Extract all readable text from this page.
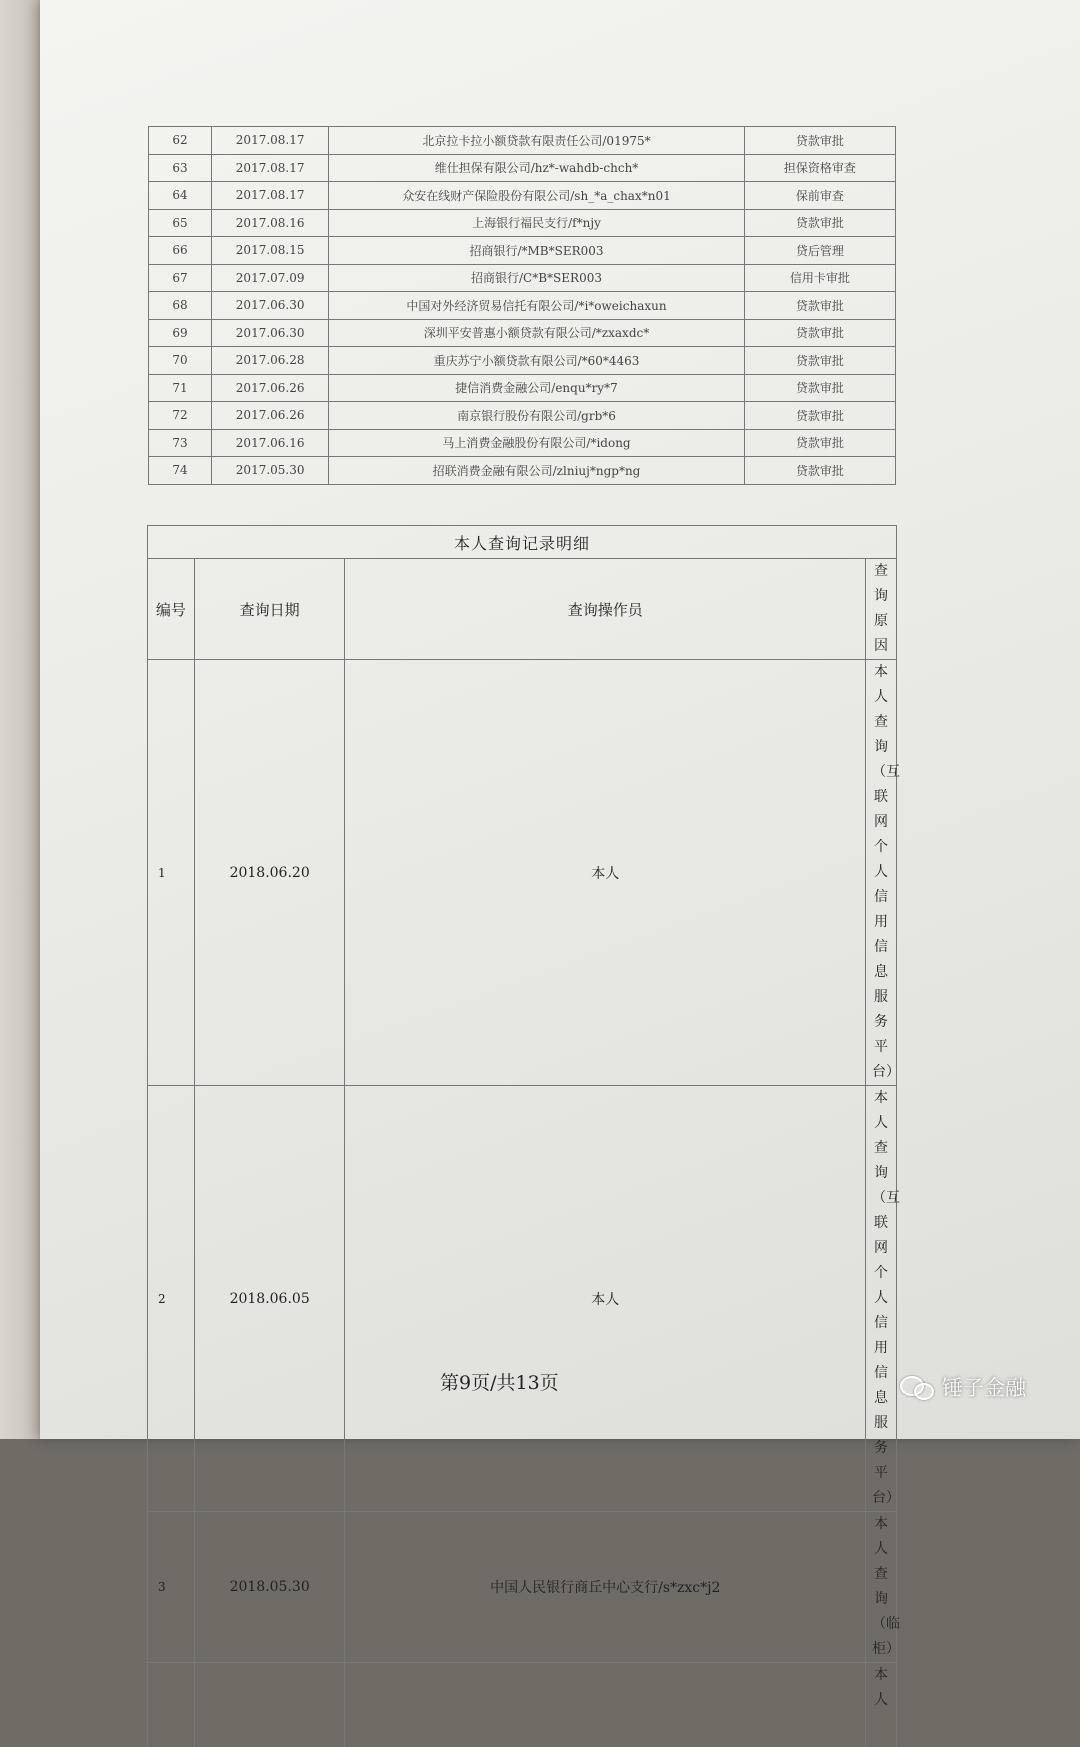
62	2017.08.17	北京拉卡拉小额贷款有限责任公司/01975*	贷款审批
63	2017.08.17	维仕担保有限公司/hz*-wahdb-chch*	担保资格审查
64	2017.08.17	众安在线财产保险股份有限公司/sh_*a_chax*n01	保前审查
65	2017.08.16	上海银行福民支行/f*njy	贷款审批
66	2017.08.15	招商银行/*MB*SER003	贷后管理
67	2017.07.09	招商银行/C*B*SER003	信用卡审批
68	2017.06.30	中国对外经济贸易信托有限公司/*i*oweichaxun	贷款审批
69	2017.06.30	深圳平安普惠小额贷款有限公司/*zxaxdc*	贷款审批
70	2017.06.28	重庆苏宁小额贷款有限公司/*60*4463	贷款审批
71	2017.06.26	捷信消费金融公司/enqu*ry*7	贷款审批
72	2017.06.26	南京银行股份有限公司/grb*6	贷款审批
73	2017.06.16	马上消费金融股份有限公司/*idong	贷款审批
74	2017.05.30	招联消费金融有限公司/zlniuj*ngp*ng	贷款审批
本人查询记录明细			
编号	查询日期	查询操作员	查询原因

1	2018.06.20	本人	本人查询（互联网个人信用信息服务平台）

2	2018.06.05	本人	本人查询（互联网个人信用信息服务平台）

3	2018.05.30	中国人民银行商丘中心支行/s*zxc*j2	本人查询（临柜）

			本人
第9页/共13页	锤子金融
